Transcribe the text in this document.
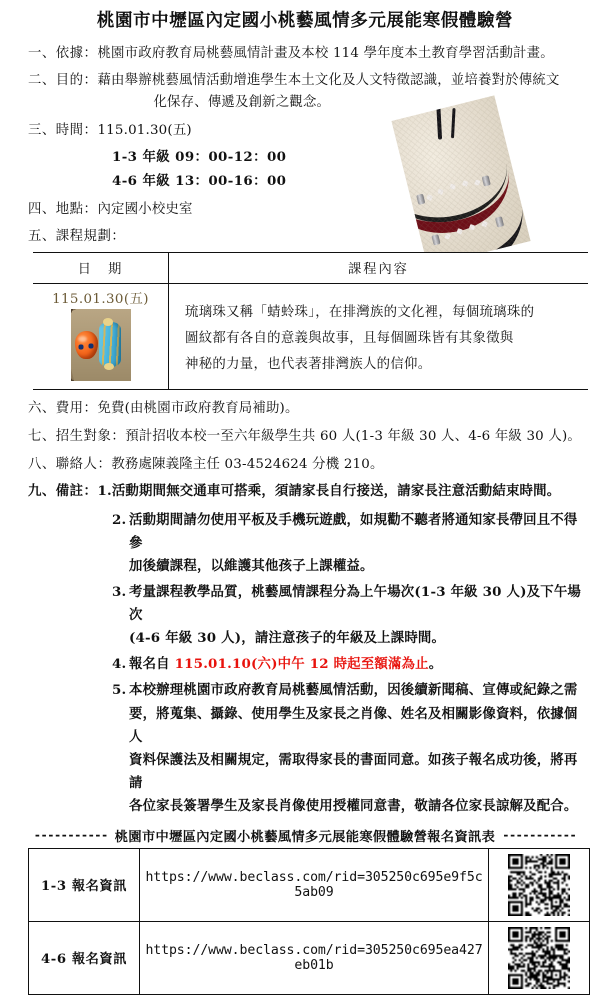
桃園市中壢區內定國小桃藝風情多元展能寒假體驗營
一、依據： 桃園市政府教育局桃藝風情計畫及本校 114 學年度本土教育學習活動計畫。
二、目的： 藉由舉辦桃藝風情活動增進學生本土文化及人文特徵認識，並培養對於傳統文
化保存、傳遞及創新之觀念。
三、時間： 115.01.30(五)
1-3 年級 09：00-12：00
4-6 年級 13：00-16：00
四、地點： 內定國小校史室
五、課程規劃：
日　期	課程內容

115.01.30(五)	琉璃珠又稱「蜻蛉珠」，在排灣族的文化裡，每個琉璃珠的
圖紋都有各自的意義與故事，且每個圖珠皆有其象徵與
神秘的力量，也代表著排灣族人的信仰。
六、費用： 免費(由桃園市政府教育局補助)。
七、招生對象： 預計招收本校一至六年級學生共 60 人(1-3 年級 30 人、4-6 年級 30 人)。
八、聯絡人： 教務處陳義隆主任 03-4524624 分機 210。
九、備註： 1.活動期間無交通車可搭乘，須請家長自行接送，請家長注意活動結束時間。
2. 活動期間請勿使用平板及手機玩遊戲，如規勸不聽者將通知家長帶回且不得參
加後續課程，以維護其他孩子上課權益。
3. 考量課程教學品質，桃藝風情課程分為上午場次(1-3 年級 30 人)及下午場次
(4-6 年級 30 人)，請注意孩子的年級及上課時間。
4. 報名自 115.01.10(六)中午 12 時起至額滿為止。
5. 本校辦理桃園市政府教育局桃藝風情活動，因後續新聞稿、宣傳或紀錄之需
要，將蒐集、攝錄、使用學生及家長之肖像、姓名及相關影像資料，依據個人
資料保護法及相關規定，需取得家長的書面同意。如孩子報名成功後，將再請
各位家長簽署學生及家長肖像使用授權同意書，敬請各位家長諒解及配合。
----------- 桃園市中壢區內定國小桃藝風情多元展能寒假體驗營報名資訊表 -----------
1-3 報名資訊	https://www.beclass.com/rid=305250c695e9f5c5ab09	

4-6 報名資訊	https://www.beclass.com/rid=305250c695ea427eb01b	
